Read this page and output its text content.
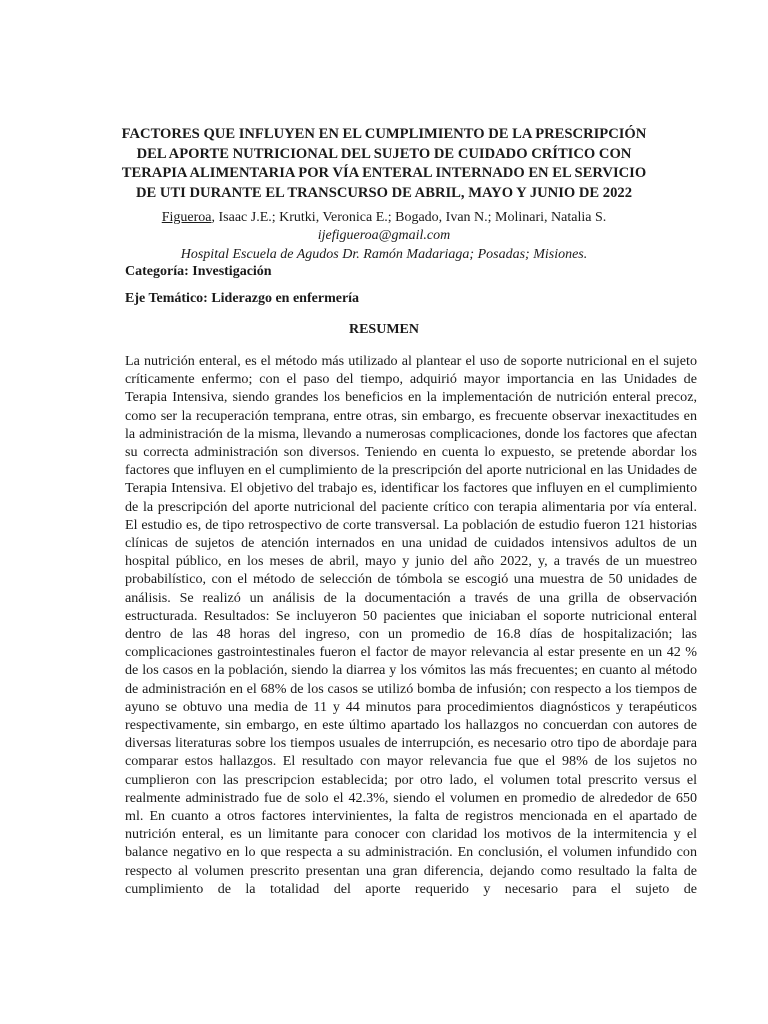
FACTORES QUE INFLUYEN EN EL CUMPLIMIENTO DE LA PRESCRIPCIÓN
DEL APORTE NUTRICIONAL DEL SUJETO DE CUIDADO CRÍTICO CON
TERAPIA ALIMENTARIA POR VÍA ENTERAL INTERNADO EN EL SERVICIO
DE UTI DURANTE EL TRANSCURSO DE ABRIL, MAYO Y JUNIO DE 2022

Figueroa, Isaac J.E.; Krutki, Veronica E.; Bogado, Ivan N.; Molinari, Natalia S.

ijefigueroa@gmail.com

Hospital Escuela de Agudos Dr. Ramón Madariaga; Posadas; Misiones.

Categoría: Investigación

Eje Temático: Liderazgo en enfermería

RESUMEN

La nutrición enteral, es el método más utilizado al plantear el uso de soporte nutricional en el sujeto críticamente enfermo; con el paso del tiempo, adquirió mayor importancia en las Unidades de Terapia Intensiva, siendo grandes los beneficios en la implementación de nutrición enteral precoz, como ser la recuperación temprana, entre otras, sin embargo, es frecuente observar inexactitudes en la administración de la misma, llevando a numerosas complicaciones, donde los factores que afectan su correcta administración son diversos. Teniendo en cuenta lo expuesto, se pretende abordar los factores que influyen en el cumplimiento de la prescripción del aporte nutricional en las Unidades de Terapia Intensiva. El objetivo del trabajo es, identificar los factores que influyen en el cumplimiento de la prescripción del aporte nutricional del paciente crítico con terapia alimentaria por vía enteral. El estudio es, de tipo retrospectivo de corte transversal. La población de estudio fueron 121 historias clínicas de sujetos de atención internados en una unidad de cuidados intensivos adultos de un hospital público, en los meses de abril, mayo y junio del año 2022, y, a través de un muestreo probabilístico, con el método de selección de tómbola se escogió una muestra de 50 unidades de análisis. Se realizó un análisis de la documentación a través de una grilla de observación estructurada. Resultados: Se incluyeron 50 pacientes que iniciaban el soporte nutricional enteral dentro de las 48 horas del ingreso, con un promedio de 16.8 días de hospitalización; las complicaciones gastrointestinales fueron el factor de mayor relevancia al estar presente en un 42 % de los casos en la población, siendo la diarrea y los vómitos las más frecuentes; en cuanto al método de administración en el 68% de los casos se utilizó bomba de infusión; con respecto a los tiempos de ayuno se obtuvo una media de 11 y 44 minutos para procedimientos diagnósticos y terapéuticos respectivamente, sin embargo, en este último apartado los hallazgos no concuerdan con autores de diversas literaturas sobre los tiempos usuales de interrupción, es necesario otro tipo de abordaje para comparar estos hallazgos. El resultado con mayor relevancia fue que el 98% de los sujetos no cumplieron con las prescripcion establecida; por otro lado, el volumen total prescrito versus el realmente administrado fue de solo el 42.3%, siendo el volumen en promedio de alrededor de 650 ml. En cuanto a otros factores intervinientes, la falta de registros mencionada en el apartado de nutrición enteral, es un limitante para conocer con claridad los motivos de la intermitencia y el balance negativo en lo que respecta a su administración. En conclusión, el volumen infundido con respecto al volumen prescrito presentan una gran diferencia, dejando como resultado la falta de cumplimiento de la totalidad del aporte requerido y necesario para el sujeto de
